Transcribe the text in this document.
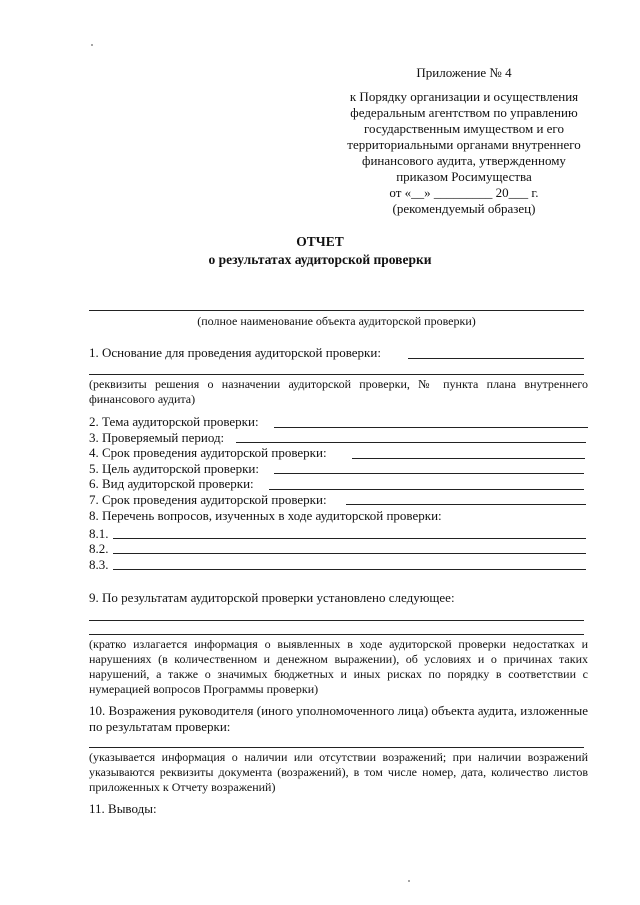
Приложение № 4
к Порядку организации и осуществления
федеральным агентством по управлению
государственным имуществом и его
территориальными органами внутреннего
финансового аудита, утвержденному
приказом Росимущества
от «__» _________ 20___ г.
(рекомендуемый образец)
ОТЧЕТ
о результатах аудиторской проверки
(полное наименование объекта аудиторской проверки)
1. Основание для проведения аудиторской проверки:
(реквизиты решения о назначении аудиторской проверки, № пункта плана внутреннего финансового аудита)
2. Тема аудиторской проверки:
3. Проверяемый период:
4. Срок проведения аудиторской проверки:
5. Цель аудиторской проверки:
6. Вид аудиторской проверки:
7. Срок проведения аудиторской проверки:
8. Перечень вопросов, изученных в ходе аудиторской проверки:
8.1.
8.2.
8.3.
9. По результатам аудиторской проверки установлено следующее:
(кратко излагается информация о выявленных в ходе аудиторской проверки недостатках и нарушениях (в количественном и денежном выражении), об условиях и о причинах таких нарушений, а также о значимых бюджетных и иных рисках по порядку в соответствии с нумерацией вопросов Программы проверки)
10. Возражения руководителя (иного уполномоченного лица) объекта аудита, изложенные по результатам проверки:
(указывается информация о наличии или отсутствии возражений; при наличии возражений указываются реквизиты документа (возражений), в том числе номер, дата, количество листов приложенных к Отчету возражений)
11. Выводы:
